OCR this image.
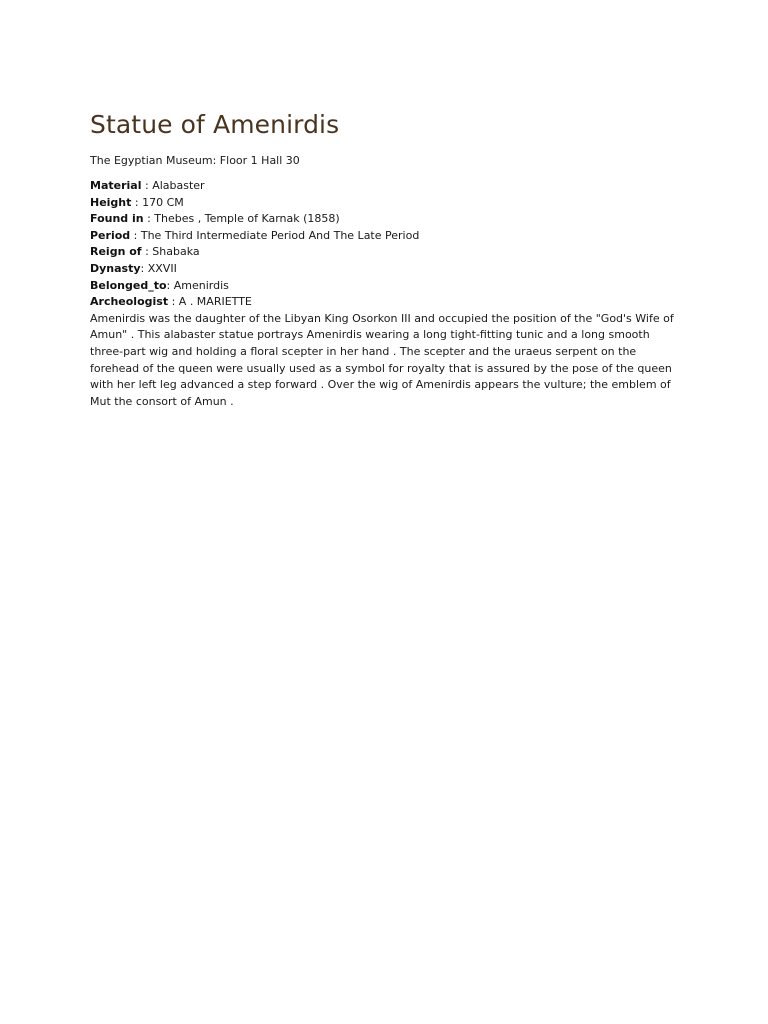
Statue of Amenirdis
The Egyptian Museum: Floor 1 Hall 30
Material : Alabaster
Height : 170 CM
Found in : Thebes , Temple of Karnak (1858)
Period : The Third Intermediate Period And The Late Period
Reign of : Shabaka
Dynasty: XXVII
Belonged_to: Amenirdis
Archeologist : A . MARIETTE

Amenirdis was the daughter of the Libyan King Osorkon III and occupied the position of the "God's Wife of Amun" . This alabaster statue portrays Amenirdis wearing a long tight-fitting tunic and a long smooth three-part wig and holding a floral scepter in her hand . The scepter and the uraeus serpent on the forehead of the queen were usually used as a symbol for royalty that is assured by the pose of the queen with her left leg advanced a step forward . Over the wig of Amenirdis appears the vulture; the emblem of Mut the consort of Amun .
